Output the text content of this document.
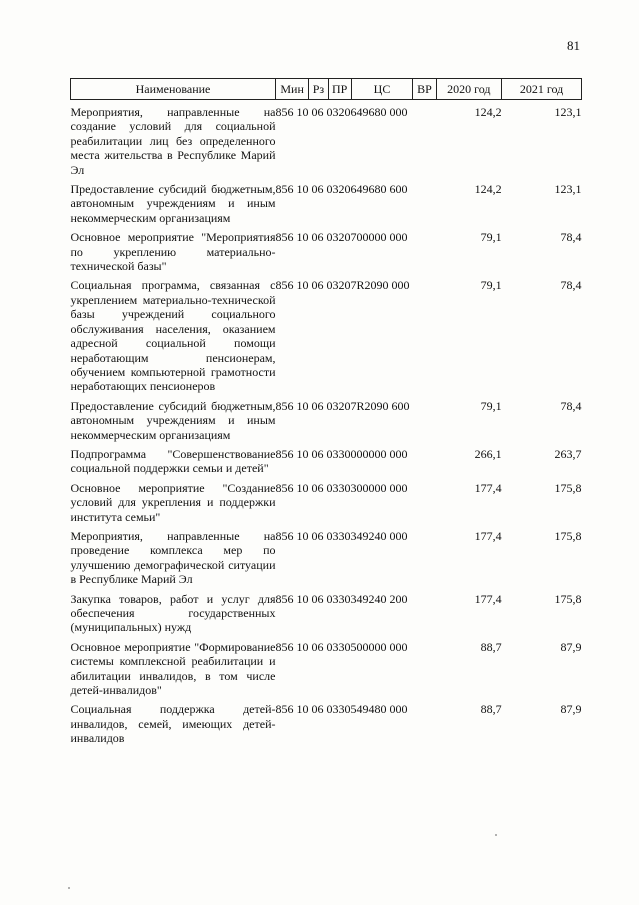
81
Наименование	Мин	Рз	ПР	ЦС	ВР	2020 год	2021 год
Мероприятия, направленные на создание условий для социальной реабилитации лиц без определенного места жительства в Республике Марий Эл	856 10 06 0320649680 000					124,2	123,1
Предоставление субсидий бюджетным, автономным учреждениям и иным некоммерческим организациям	856 10 06 0320649680 600					124,2	123,1
Основное мероприятие "Мероприятия по укреплению материально-технической базы"	856 10 06 0320700000 000					79,1	78,4
Социальная программа, связанная с укреплением материально-технической базы учреждений социального обслуживания населения, оказанием адресной социальной помощи неработающим пенсионерам, обучением компьютерной грамотности неработающих пенсионеров	856 10 06 03207R2090 000					79,1	78,4
Предоставление субсидий бюджетным, автономным учреждениям и иным некоммерческим организациям	856 10 06 03207R2090 600					79,1	78,4
Подпрограмма "Совершенствование социальной поддержки семьи и детей"	856 10 06 0330000000 000					266,1	263,7
Основное мероприятие "Создание условий для укрепления и поддержки института семьи"	856 10 06 0330300000 000					177,4	175,8
Мероприятия, направленные на проведение комплекса мер по улучшению демографической ситуации в Республике Марий Эл	856 10 06 0330349240 000					177,4	175,8
Закупка товаров, работ и услуг для обеспечения государственных (муниципальных) нужд	856 10 06 0330349240 200					177,4	175,8
Основное мероприятие "Формирование системы комплексной реабилитации и абилитации инвалидов, в том числе детей-инвалидов"	856 10 06 0330500000 000					88,7	87,9
Социальная поддержка детей-инвалидов, семей, имеющих детей-инвалидов	856 10 06 0330549480 000					88,7	87,9
